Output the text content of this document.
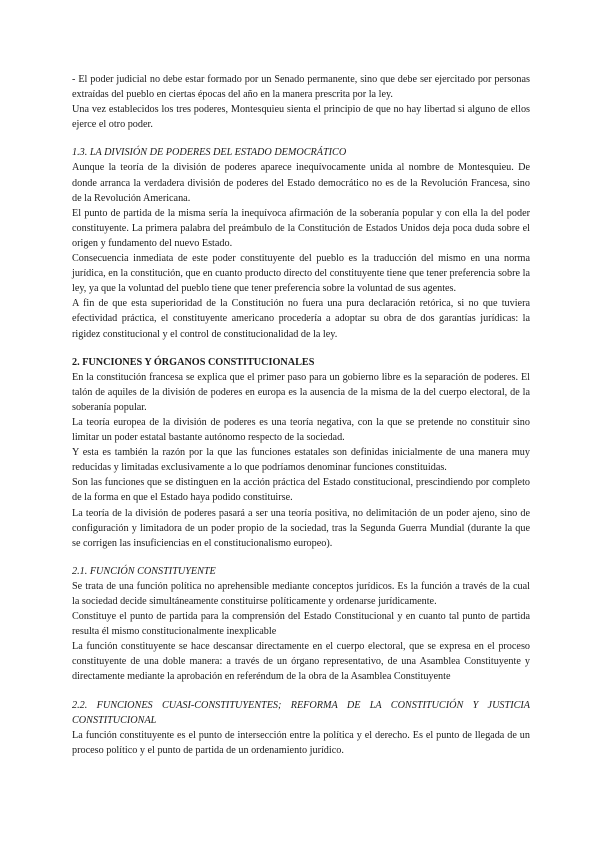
- El poder judicial no debe estar formado por un Senado permanente, sino que debe ser ejercitado por personas extraídas del pueblo en ciertas épocas del año en la manera prescrita por la ley.

Una vez establecidos los tres poderes, Montesquieu sienta el principio de que no hay libertad si alguno de ellos ejerce el otro poder.

1.3. LA DIVISIÓN DE PODERES DEL ESTADO DEMOCRÁTICO

Aunque la teoría de la división de poderes aparece inequívocamente unida al nombre de Montesquieu. De donde arranca la verdadera división de poderes del Estado democrático no es de la Revolución Francesa, sino de la Revolución Americana.

El punto de partida de la misma sería la inequívoca afirmación de la soberanía popular y con ella la del poder constituyente. La primera palabra del preámbulo de la Constitución de Estados Unidos deja poca duda sobre el origen y fundamento del nuevo Estado.

Consecuencia inmediata de este poder constituyente del pueblo es la traducción del mismo en una norma jurídica, en la constitución, que en cuanto producto directo del constituyente tiene que tener preferencia sobre la ley, ya que la voluntad del pueblo tiene que tener preferencia sobre la voluntad de sus agentes.

A fin de que esta superioridad de la Constitución no fuera una pura declaración retórica, si no que tuviera efectividad práctica, el constituyente americano procedería a adoptar su obra de dos garantías jurídicas: la rigidez constitucional y el control de constitucionalidad de la ley.

2. FUNCIONES Y ÓRGANOS CONSTITUCIONALES

En la constitución francesa se explica que el primer paso para un gobierno libre es la separación de poderes. El talón de aquiles de la división de poderes en europa es la ausencia de la misma de la del cuerpo electoral, de la soberanía popular.

La teoría europea de la división de poderes es una teoría negativa, con la que se pretende no constituir sino limitar un poder estatal bastante autónomo respecto de la sociedad.

Y esta es también la razón por la que las funciones estatales son definidas inicialmente de una manera muy reducidas y limitadas exclusivamente a lo que podríamos denominar funciones constituidas.

Son las funciones que se distinguen en la acción práctica del Estado constitucional, prescindiendo por completo de la forma en que el Estado haya podido constituirse.

La teoría de la división de poderes pasará a ser una teoría positiva, no delimitación de un poder ajeno, sino de configuración y limitadora de un poder propio de la sociedad, tras la Segunda Guerra Mundial (durante la que se corrigen las insuficiencias en el constitucionalismo europeo).

2.1. FUNCIÓN CONSTITUYENTE

Se trata de una función política no aprehensible mediante conceptos jurídicos. Es la función a través de la cual la sociedad decide simultáneamente constituirse políticamente y ordenarse jurídicamente.

Constituye el punto de partida para la comprensión del Estado Constitucional y en cuanto tal punto de partida resulta él mismo constitucionalmente inexplicable

La función constituyente se hace descansar directamente en el cuerpo electoral, que se expresa en el proceso constituyente de una doble manera: a través de un órgano representativo, de una Asamblea Constituyente y directamente mediante la aprobación en referéndum de la obra de la Asamblea Constituyente

2.2. FUNCIONES CUASI-CONSTITUYENTES; REFORMA DE LA CONSTITUCIÓN Y JUSTICIA CONSTITUCIONAL

La función constituyente es el punto de intersección entre la política y el derecho. Es el punto de llegada de un proceso político y el punto de partida de un ordenamiento jurídico.
